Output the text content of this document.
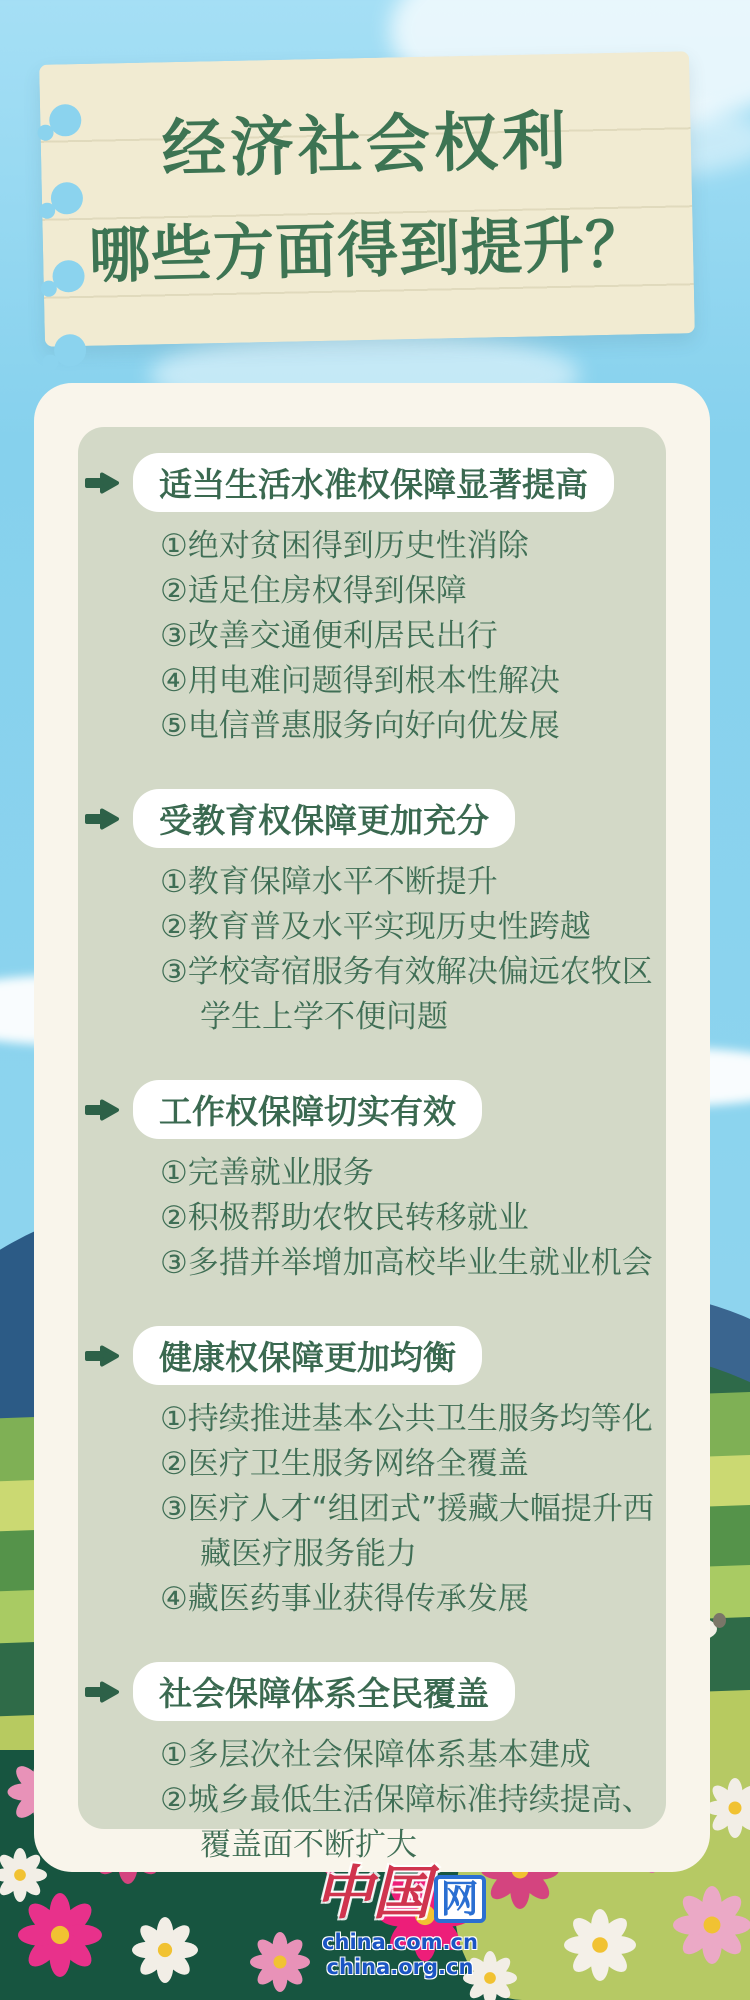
经济社会权利
哪些方面得到提升？
适当生活水准权保障显著提高
①绝对贫困得到历史性消除
②适足住房权得到保障
③改善交通便利居民出行
④用电难问题得到根本性解决
⑤电信普惠服务向好向优发展
受教育权保障更加充分
①教育保障水平不断提升
②教育普及水平实现历史性跨越
③学校寄宿服务有效解决偏远农牧区学生上学不便问题
工作权保障切实有效
①完善就业服务
②积极帮助农牧民转移就业
③多措并举增加高校毕业生就业机会
健康权保障更加均衡
①持续推进基本公共卫生服务均等化
②医疗卫生服务网络全覆盖
③医疗人才“组团式”援藏大幅提升西藏医疗服务能力
④藏医药事业获得传承发展
社会保障体系全民覆盖
①多层次社会保障体系基本建成
②城乡最低生活保障标准持续提高、覆盖面不断扩大
中国 网
china.com.cn
china.org.cn
